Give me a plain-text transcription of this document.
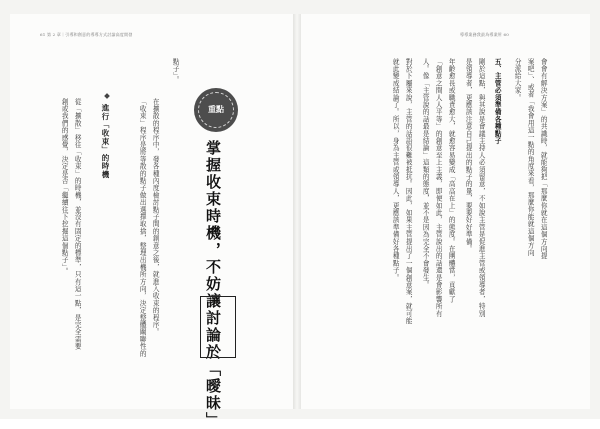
61 第 2 章｜引導和創意的導導方式討論高度開發	導導業務我最為導業所 60
會會有解決方案」的共識時，就能夠把「那麼你就在這個方向提
案吧」、或者「我會用這一點的角度來看，那麼你能就這個方向
分派給大家。
五、主管必須準備各種點子
剛於這點，與其說是會議主持人必須留意，不如說主管是促進主管或領導者，特別
是領導者，更應該注意自己提出的點子的量，要要好好準備。
年齡愈長或職責愈大，就愈容易變成「高高在上」的態度。在團體當，貢獻了
「創意之間人人平等」的創意至上主義，即便如此，主管說出的話還是會影響所有
人。像「主管說的話最是結論」這類的態度，並不是因為完全不會發生。
對於下屬來說，主管的話語很難被抵抗。因此，如果主管提出了一個創意案，就可能
就此變成結論了。所以，身為主管或領導人，更應該準備好各種點子。
重點
掌握收束時機，不妨讓討論於「曖昧」
點子」。
在擴散的程序中，發各種內度檢討點子間的創意之後，就進入收束的程序。
「收束」程序是將等散的點子做出選擇取捨，整理出機所方向，決定整體關聯性的
進行「收束」的時機
從「擴散」移往「收束」的時機，並沒有固定的標準，只有這一點，是完全需要
創或我們的感覺，決定是否「繼續往下挖掘這個點子」。
